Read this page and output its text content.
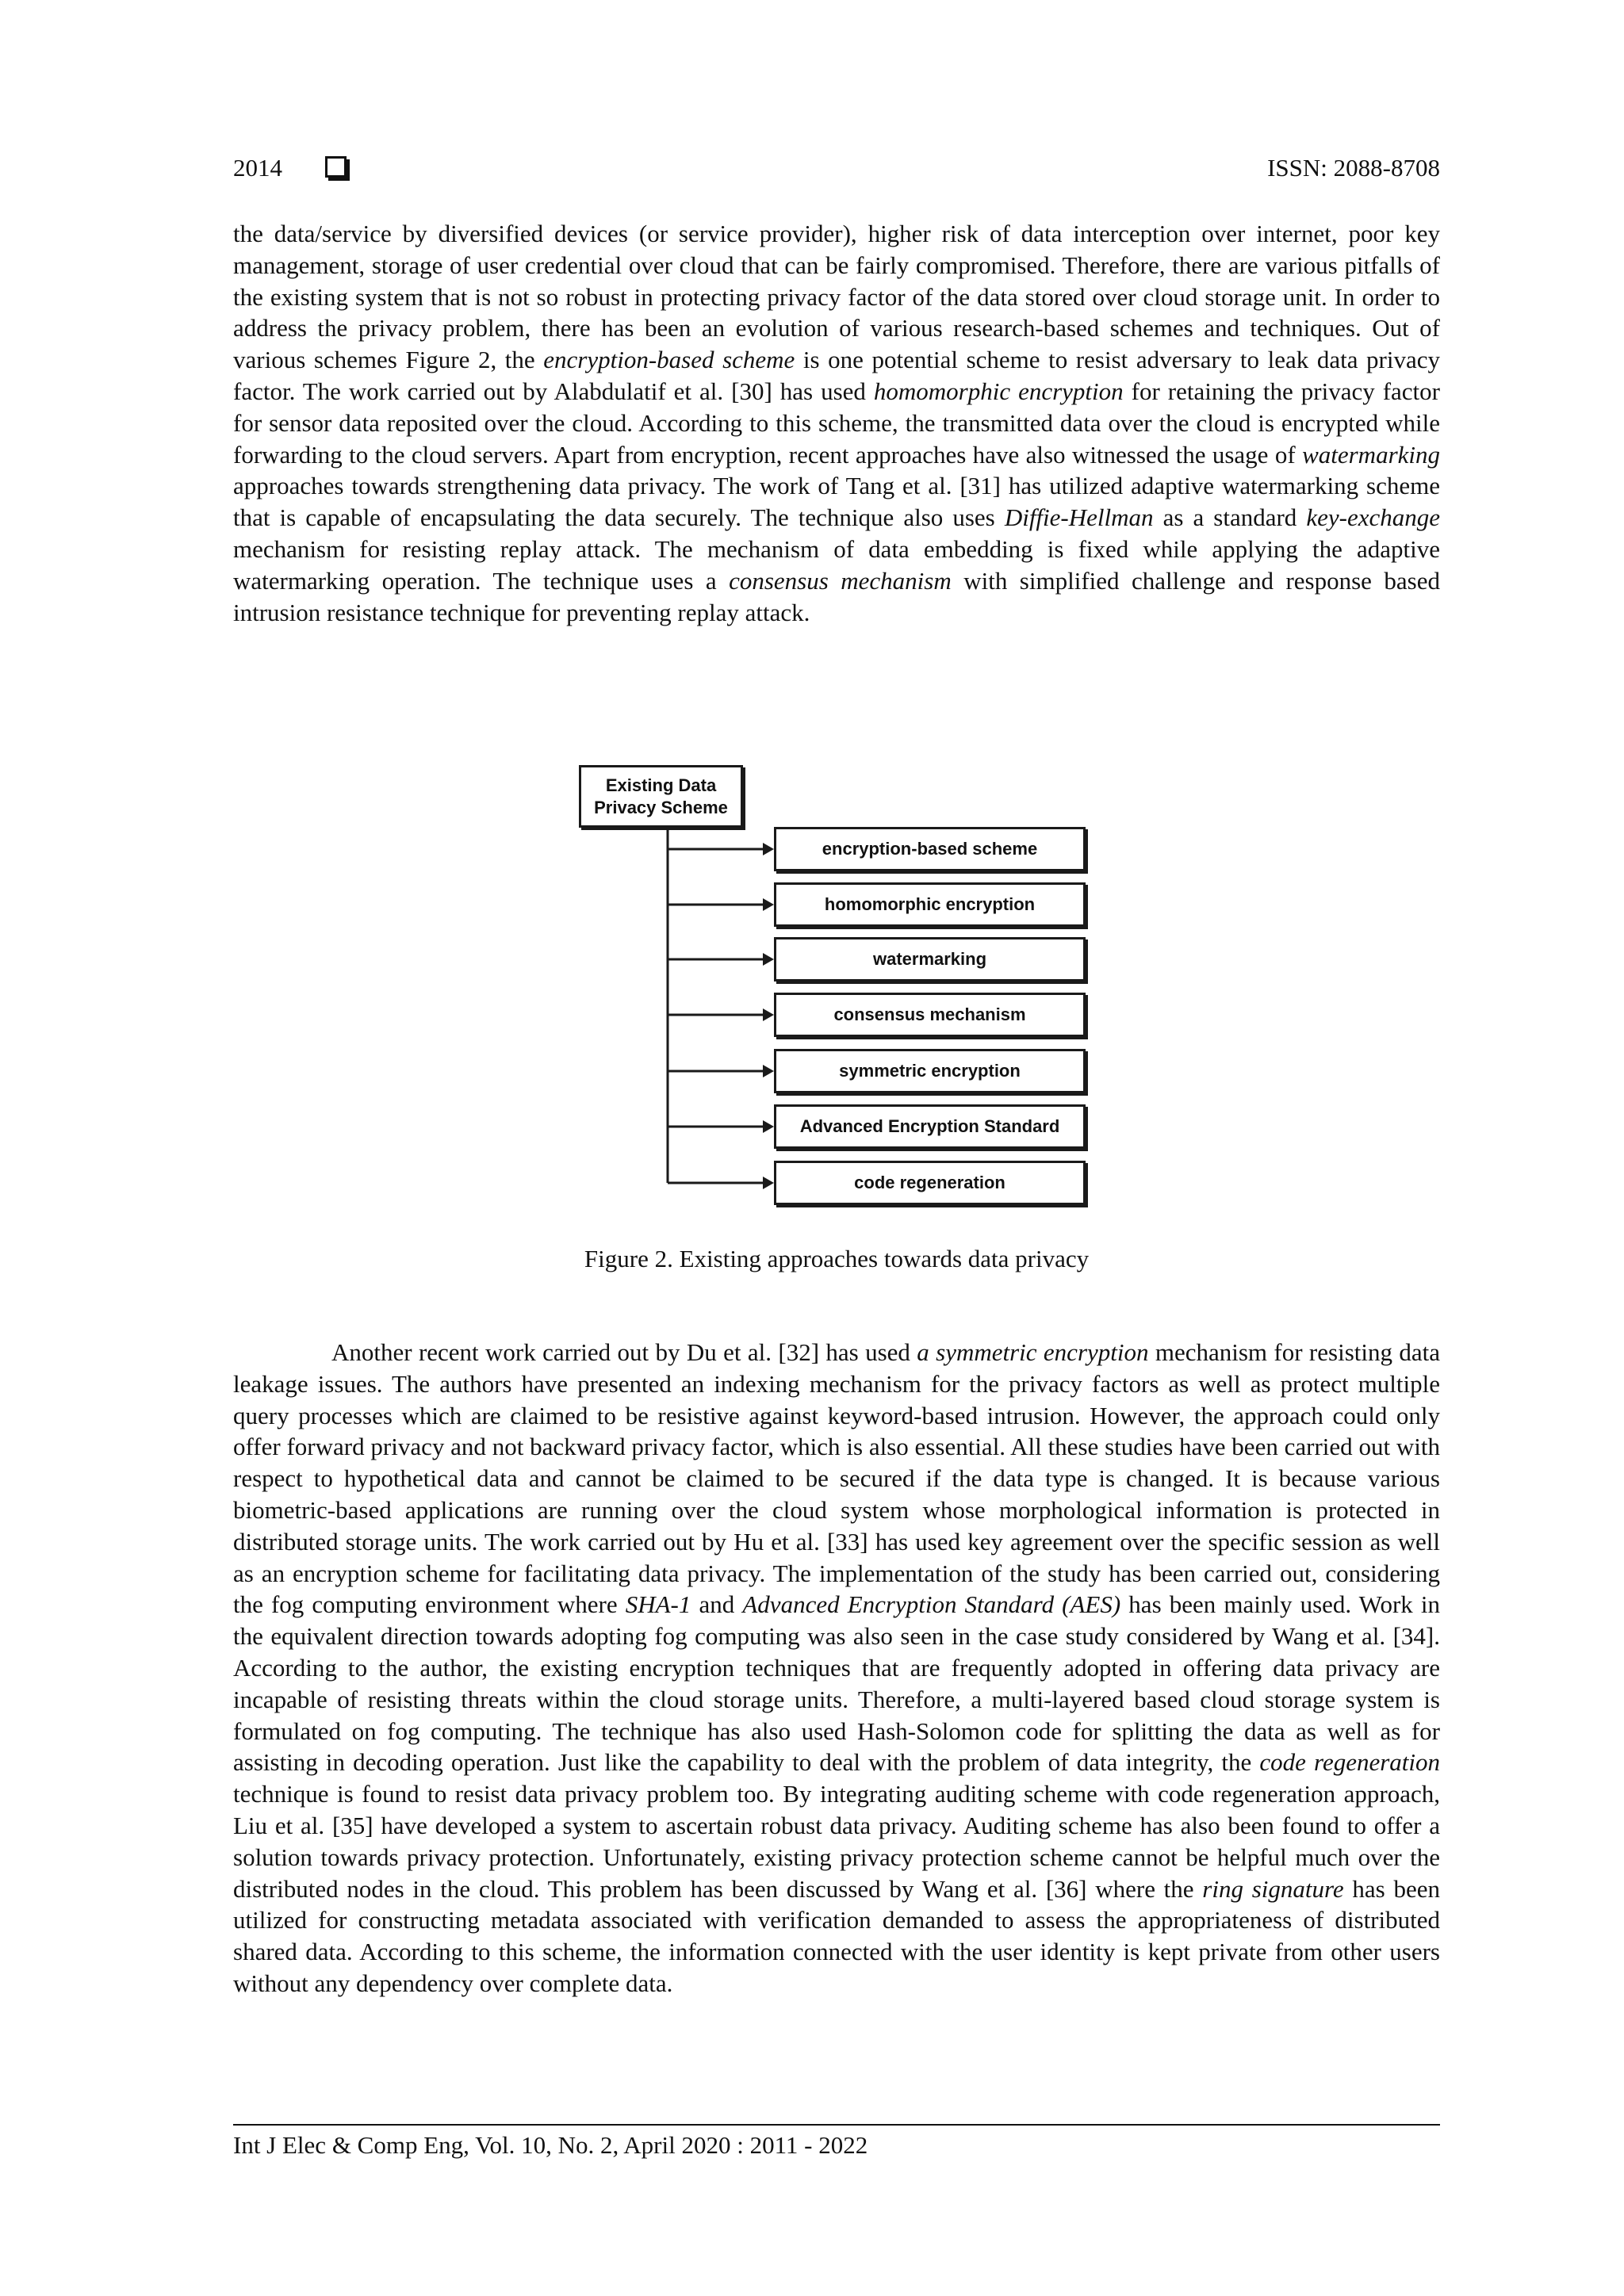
2014	ISSN: 2088-8708

the data/service by diversified devices (or service provider), higher risk of data interception over internet, poor key management, storage of user credential over cloud that can be fairly compromised. Therefore, there are various pitfalls of the existing system that is not so robust in protecting privacy factor of the data stored over cloud storage unit. In order to address the privacy problem, there has been an evolution of various research-based schemes and techniques. Out of various schemes Figure 2, the encryption-based scheme is one potential scheme to resist adversary to leak data privacy factor. The work carried out by Alabdulatif et al. [30] has used homomorphic encryption for retaining the privacy factor for sensor data reposited over the cloud. According to this scheme, the transmitted data over the cloud is encrypted while forwarding to the cloud servers. Apart from encryption, recent approaches have also witnessed the usage of watermarking approaches towards strengthening data privacy. The work of Tang et al. [31] has utilized adaptive watermarking scheme that is capable of encapsulating the data securely. The technique also uses Diffie-Hellman as a standard key-exchange mechanism for resisting replay attack. The mechanism of data embedding is fixed while applying the adaptive watermarking operation. The technique uses a consensus mechanism with simplified challenge and response based intrusion resistance technique for preventing replay attack.

Existing Data
Privacy Scheme
encryption-based scheme
homomorphic encryption
watermarking
consensus mechanism
symmetric encryption
Advanced Encryption Standard
code regeneration
Figure 2. Existing approaches towards data privacy

Another recent work carried out by Du et al. [32] has used a symmetric encryption mechanism for resisting data leakage issues. The authors have presented an indexing mechanism for the privacy factors as well as protect multiple query processes which are claimed to be resistive against keyword-based intrusion. However, the approach could only offer forward privacy and not backward privacy factor, which is also essential. All these studies have been carried out with respect to hypothetical data and cannot be claimed to be secured if the data type is changed. It is because various biometric-based applications are running over the cloud system whose morphological information is protected in distributed storage units. The work carried out by Hu et al. [33] has used key agreement over the specific session as well as an encryption scheme for facilitating data privacy. The implementation of the study has been carried out, considering the fog computing environment where SHA-1 and Advanced Encryption Standard (AES) has been mainly used. Work in the equivalent direction towards adopting fog computing was also seen in the case study considered by Wang et al. [34]. According to the author, the existing encryption techniques that are frequently adopted in offering data privacy are incapable of resisting threats within the cloud storage units. Therefore, a multi-layered based cloud storage system is formulated on fog computing. The technique has also used Hash-Solomon code for splitting the data as well as for assisting in decoding operation. Just like the capability to deal with the problem of data integrity, the code regeneration technique is found to resist data privacy problem too. By integrating auditing scheme with code regeneration approach, Liu et al. [35] have developed a system to ascertain robust data privacy. Auditing scheme has also been found to offer a solution towards privacy protection. Unfortunately, existing privacy protection scheme cannot be helpful much over the distributed nodes in the cloud. This problem has been discussed by Wang et al. [36] where the ring signature has been utilized for constructing metadata associated with verification demanded to assess the appropriateness of distributed shared data. According to this scheme, the information connected with the user identity is kept private from other users without any dependency over complete data.

Int J Elec & Comp Eng, Vol. 10, No. 2, April 2020 : 2011 - 2022
